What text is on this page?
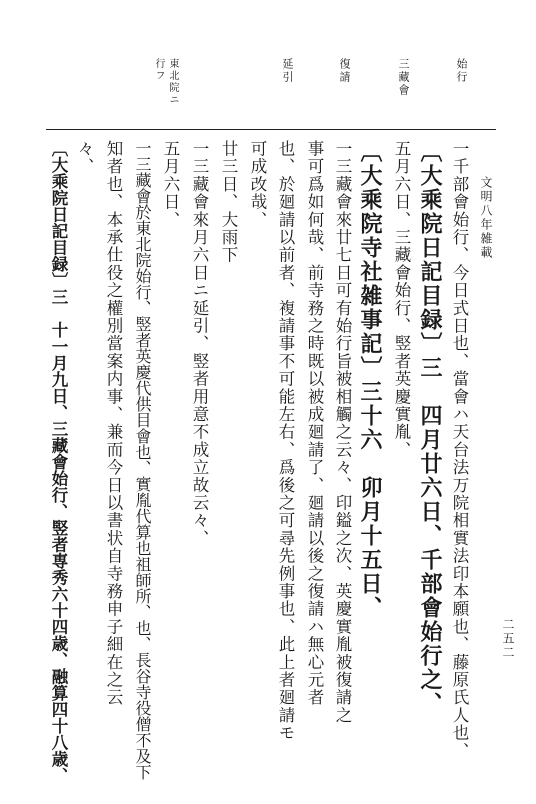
文明八年雑載
二五二
始行
三藏會
復請
延引
東北院ニ
行フ
一千部會始行、今日式日也、當會ハ天台法万院相實法印本願也、藤原氏人也、
〔大乘院日記目録〕三　四月廿六日、千部會始行之、
五月六日、三藏會始行、竪者英慶實胤、
〔大乘院寺社雑事記〕三十六　卯月十五日、
一三藏會來廿七日可有始行旨被相觸之云々、印鎰之次、英慶實胤被復請之
事可爲如何哉、前寺務之時既以被成廻請了、廻請以後之復請ハ無心元者
也、於廻請以前者、複請事不可能左右、爲後之可尋先例事也、此上者廻請モ
可成改哉、
廿三日、大雨下
一三藏會來月六日ニ延引、竪者用意不成立故云々、
五月六日、
一三藏會於東北院始行、竪者英慶代供目會也、實胤代算也祖師所、也、長谷寺役僧不及下
知者也、本承仕役之權別當案内事、兼而今日以書状自寺務申子細在之云
々、
〔大乘院日記目録〕三　十一月九日、三藏會始行、竪者専秀六十四歳、融算四十八歳、
